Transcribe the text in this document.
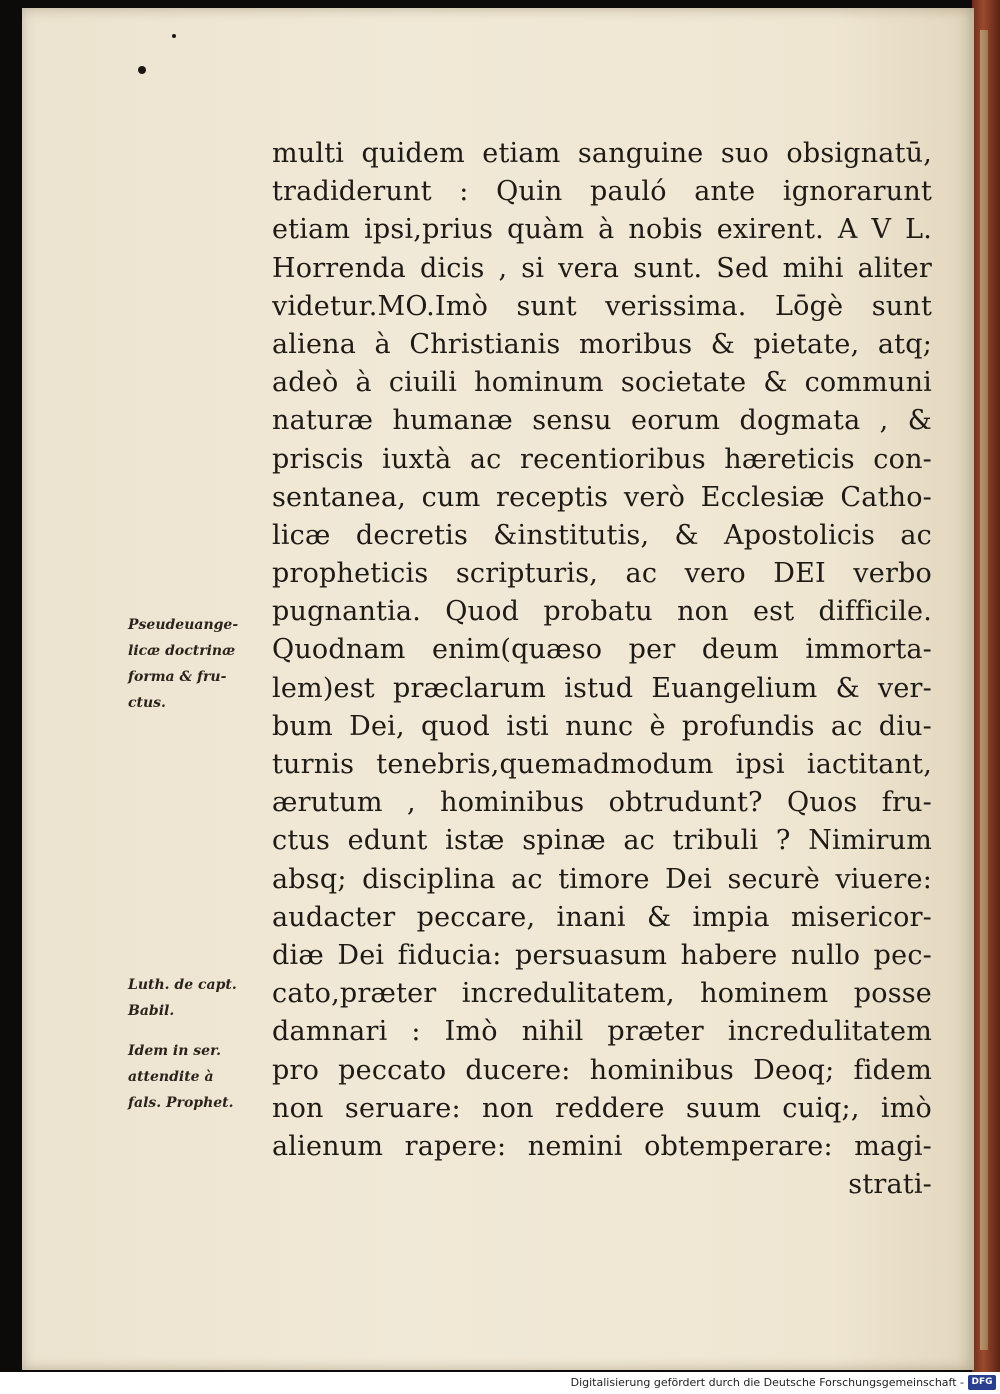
multi quidem etiam sanguine suo obsignatū,
tradiderunt : Quin pauló ante ignorarunt
etiam ipsi,prius quàm à nobis exirent. A V L.
Horrenda dicis , si vera sunt. Sed mihi aliter
videtur.MO.Imò sunt verissima. Lōgè sunt
aliena à Christianis moribus & pietate, atq;
adeò à ciuili hominum societate & communi
naturæ humanæ sensu eorum dogmata , &
priscis iuxtà ac recentioribus hæreticis con-
sentanea, cum receptis verò Ecclesiæ Catho-
licæ decretis &institutis, & Apostolicis ac
propheticis scripturis, ac vero DEI verbo
pugnantia. Quod probatu non est difficile.
Quodnam enim(quæso per deum immorta-
lem)est præclarum istud Euangelium & ver-
bum Dei, quod isti nunc è profundis ac diu-
turnis tenebris,quemadmodum ipsi iactitant,
ærutum , hominibus obtrudunt? Quos fru-
ctus edunt istæ spinæ ac tribuli ? Nimirum
absq; disciplina ac timore Dei securè viuere:
audacter peccare, inani & impia misericor-
diæ Dei fiducia: persuasum habere nullo pec-
cato,præter incredulitatem, hominem posse
damnari : Imò nihil præter incredulitatem
pro peccato ducere: hominibus Deoq; fidem
non seruare: non reddere suum cuiq;, imò
alienum rapere: nemini obtemperare: magi-
strati-
Pseudeuange-
licæ doctrinæ
forma & fru-
ctus.
Luth. de capt.
Babil.
Idem in ser.
attendite à
fals. Prophet.
Digitalisierung gefördert durch die Deutsche Forschungsgemeinschaft - DFG
